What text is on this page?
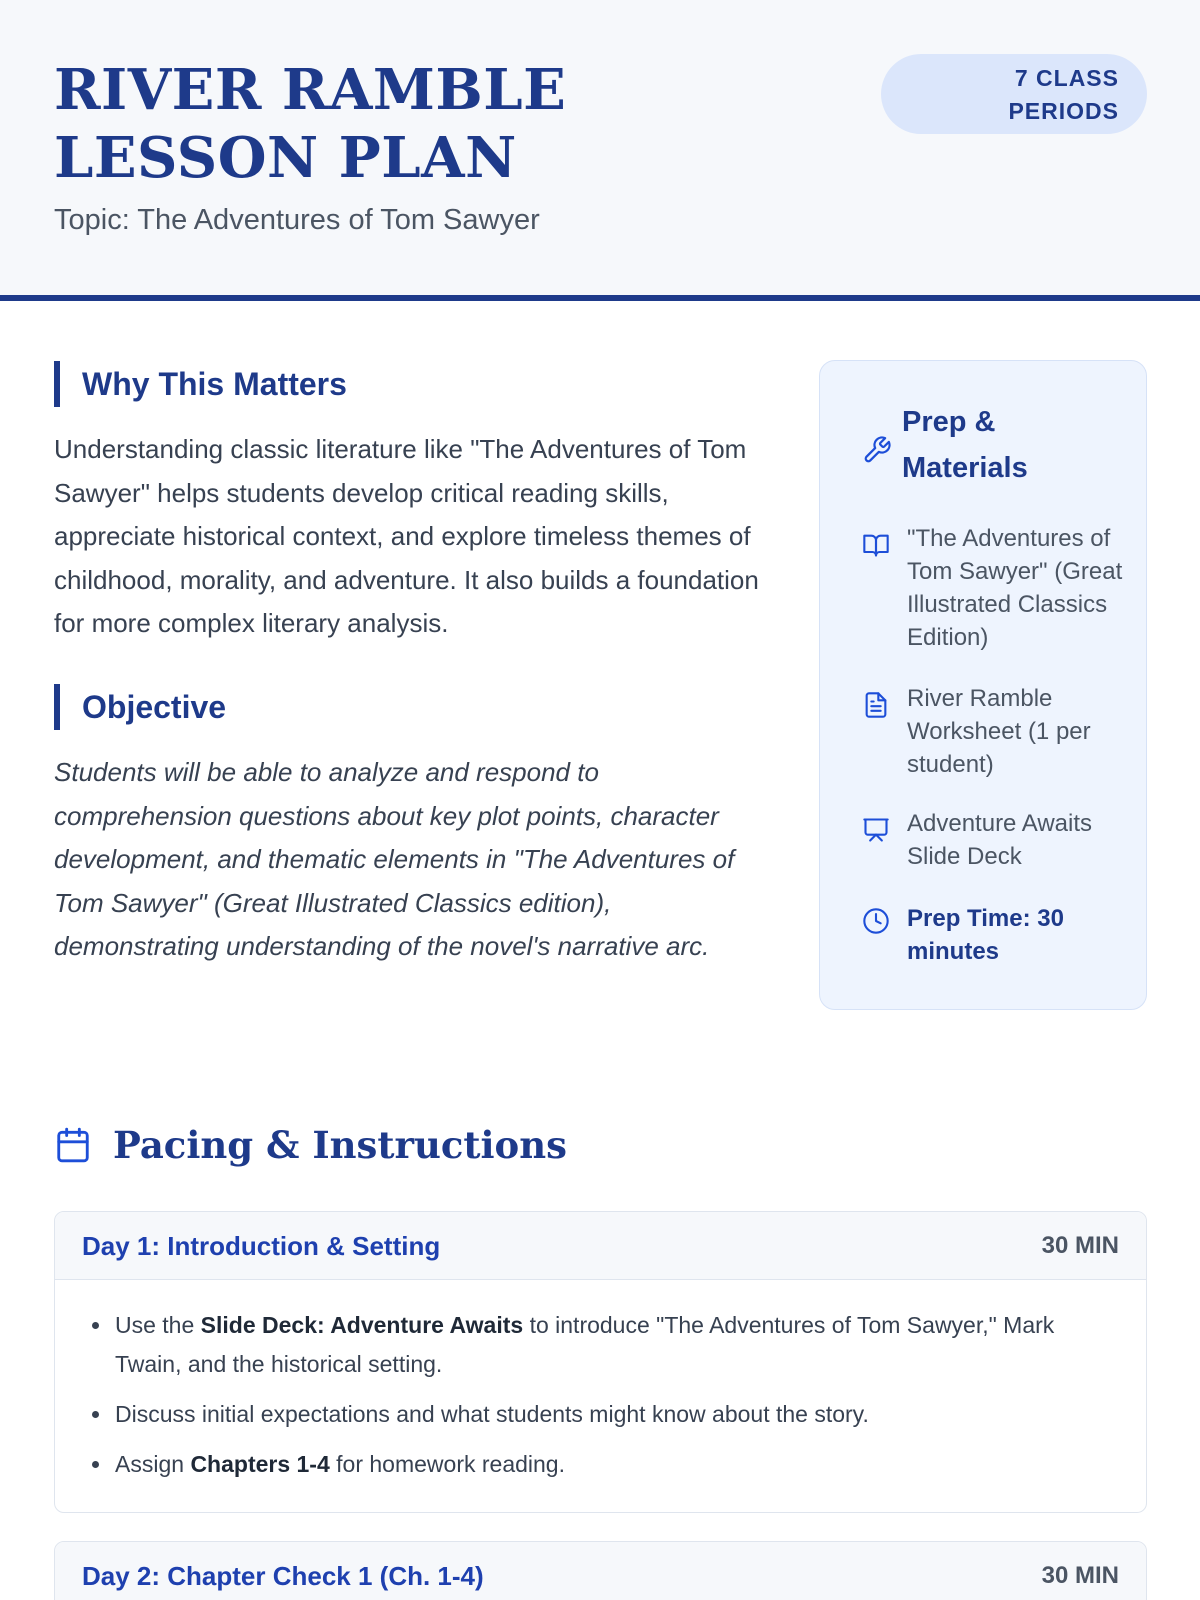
RIVER RAMBLE LESSON PLAN
Topic: The Adventures of Tom Sawyer
7 CLASS PERIODS
Why This Matters
Understanding classic literature like "The Adventures of Tom Sawyer" helps students develop critical reading skills, appreciate historical context, and explore timeless themes of childhood, morality, and adventure. It also builds a foundation for more complex literary analysis.
Objective
Students will be able to analyze and respond to comprehension questions about key plot points, character development, and thematic elements in "The Adventures of Tom Sawyer" (Great Illustrated Classics edition), demonstrating understanding of the novel's narrative arc.
Prep & Materials
"The Adventures of Tom Sawyer" (Great Illustrated Classics Edition)
River Ramble Worksheet (1 per student)
Adventure Awaits Slide Deck
Prep Time: 30 minutes
Pacing & Instructions
Day 1: Introduction & Setting	30 MIN
Use the Slide Deck: Adventure Awaits to introduce "The Adventures of Tom Sawyer," Mark Twain, and the historical setting.
Discuss initial expectations and what students might know about the story.
Assign Chapters 1-4 for homework reading.
Day 2: Chapter Check 1 (Ch. 1-4)	30 MIN
